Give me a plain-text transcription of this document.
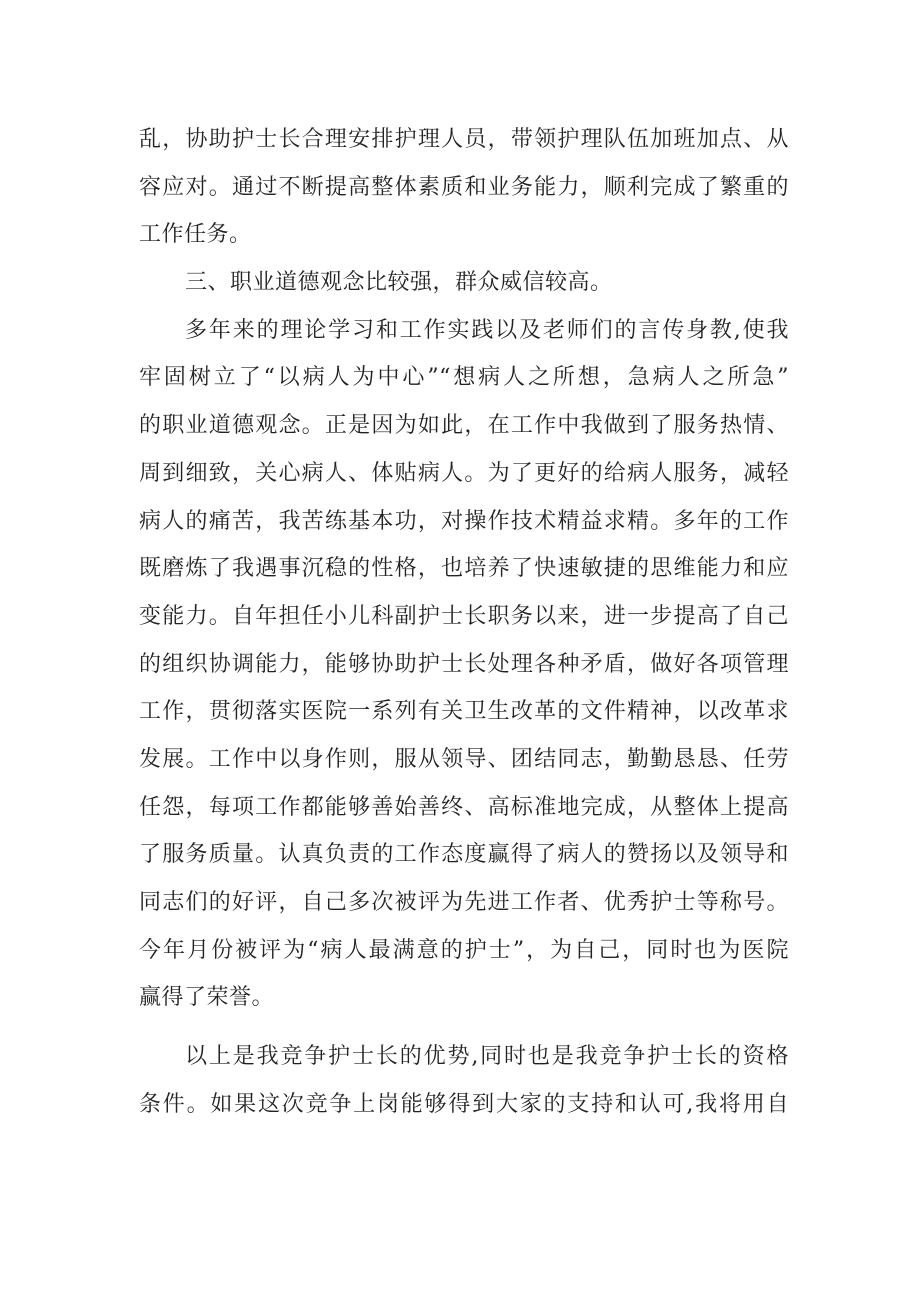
乱，协助护士长合理安排护理人员，带领护理队伍加班加点、从
容应对。通过不断提高整体素质和业务能力，顺利完成了繁重的
工作任务。
三、职业道德观念比较强，群众威信较高。
多年来的理论学习和工作实践以及老师们的言传身教,使我
牢固树立了“以病人为中心”“想病人之所想，急病人之所急”
的职业道德观念。正是因为如此，在工作中我做到了服务热情、
周到细致，关心病人、体贴病人。为了更好的给病人服务，减轻
病人的痛苦，我苦练基本功，对操作技术精益求精。多年的工作
既磨炼了我遇事沉稳的性格，也培养了快速敏捷的思维能力和应
变能力。自年担任小儿科副护士长职务以来，进一步提高了自己
的组织协调能力，能够协助护士长处理各种矛盾，做好各项管理
工作，贯彻落实医院一系列有关卫生改革的文件精神，以改革求
发展。工作中以身作则，服从领导、团结同志，勤勤恳恳、任劳
任怨，每项工作都能够善始善终、高标准地完成，从整体上提高
了服务质量。认真负责的工作态度赢得了病人的赞扬以及领导和
同志们的好评，自己多次被评为先进工作者、优秀护士等称号。
今年月份被评为“病人最满意的护士”，为自己，同时也为医院
赢得了荣誉。
以上是我竞争护士长的优势,同时也是我竞争护士长的资格
条件。如果这次竞争上岗能够得到大家的支持和认可,我将用自
